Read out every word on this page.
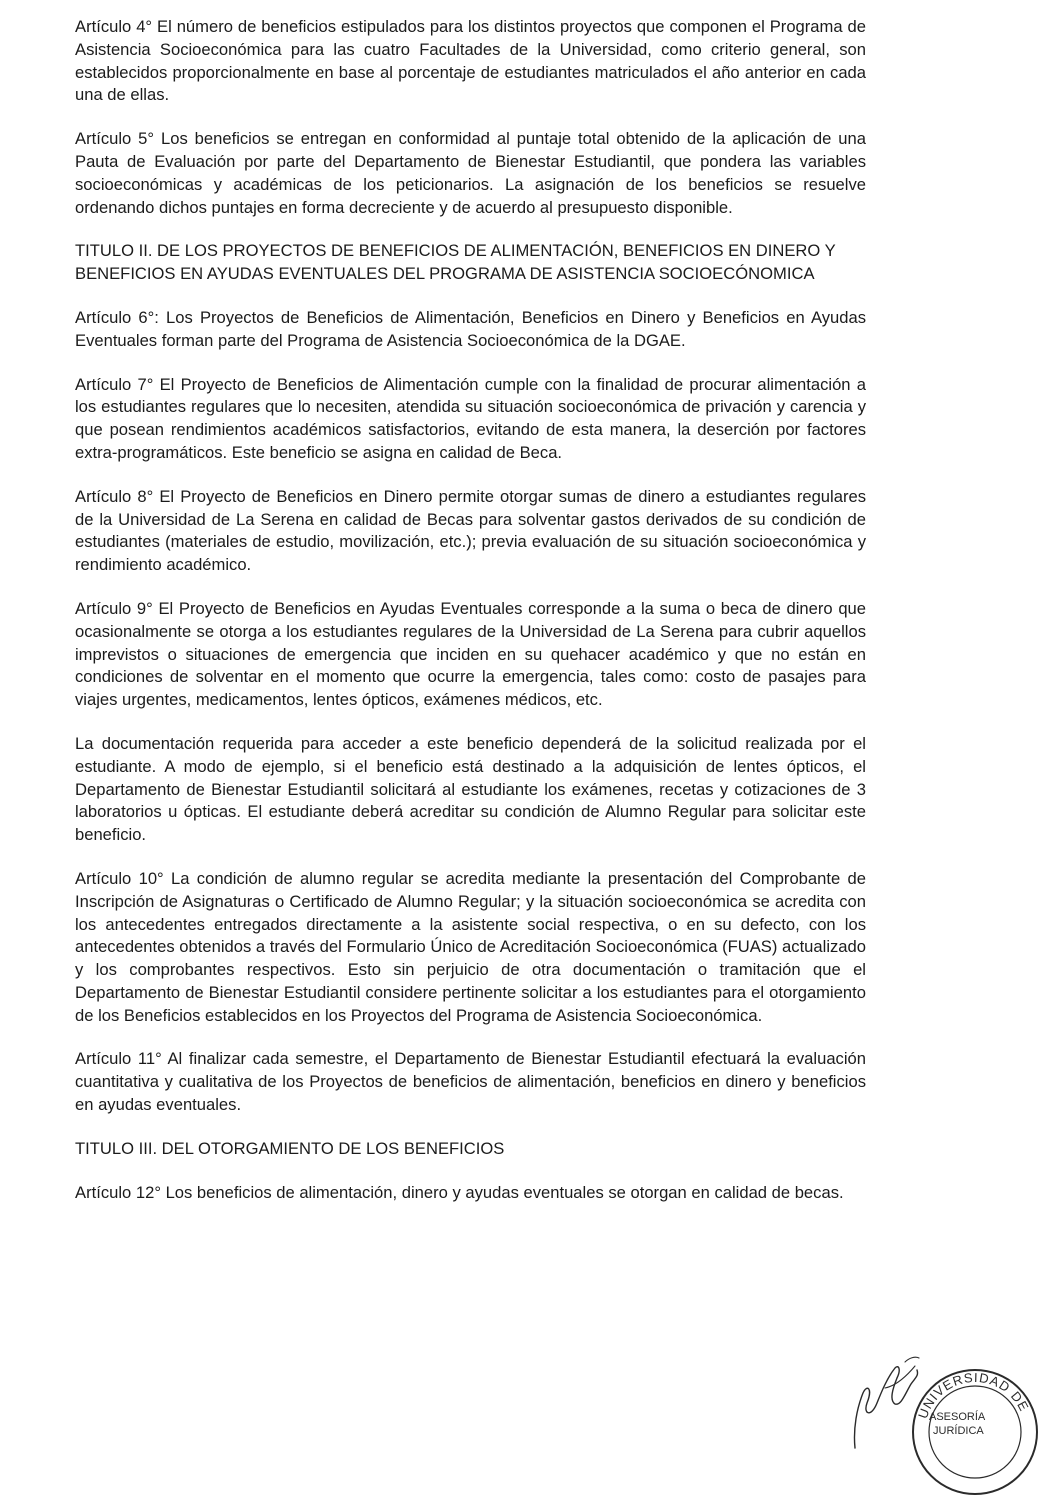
Artículo 4° El número de beneficios estipulados para los distintos proyectos que componen el Programa de Asistencia Socioeconómica para las cuatro Facultades de la Universidad, como criterio general, son establecidos proporcionalmente en base al porcentaje de estudiantes matriculados el año anterior en cada una de ellas.

Artículo 5° Los beneficios se entregan en conformidad al puntaje total obtenido de la aplicación de una Pauta de Evaluación por parte del Departamento de Bienestar Estudiantil, que pondera las variables socioeconómicas y académicas de los peticionarios. La asignación de los beneficios se resuelve ordenando dichos puntajes en forma decreciente y de acuerdo al presupuesto disponible.

TITULO II. DE LOS PROYECTOS DE BENEFICIOS DE ALIMENTACIÓN, BENEFICIOS EN DINERO Y BENEFICIOS EN AYUDAS EVENTUALES DEL PROGRAMA DE ASISTENCIA SOCIOECÓNOMICA

Artículo 6°: Los Proyectos de Beneficios de Alimentación, Beneficios en Dinero y Beneficios en Ayudas Eventuales forman parte del Programa de Asistencia Socioeconómica de la DGAE.

Artículo 7° El Proyecto de Beneficios de Alimentación cumple con la finalidad de procurar alimentación a los estudiantes regulares que lo necesiten, atendida su situación socioeconómica de privación y carencia y que posean rendimientos académicos satisfactorios, evitando de esta manera, la deserción por factores extra-programáticos. Este beneficio se asigna en calidad de Beca.

Artículo 8° El Proyecto de Beneficios en Dinero permite otorgar sumas de dinero a estudiantes regulares de la Universidad de La Serena en calidad de Becas para solventar gastos derivados de su condición de estudiantes (materiales de estudio, movilización, etc.); previa evaluación de su situación socioeconómica y rendimiento académico.

Artículo 9° El Proyecto de Beneficios en Ayudas Eventuales corresponde a la suma o beca de dinero que ocasionalmente se otorga a los estudiantes regulares de la Universidad de La Serena para cubrir aquellos imprevistos o situaciones de emergencia que inciden en su quehacer académico y que no están en condiciones de solventar en el momento que ocurre la emergencia, tales como: costo de pasajes para viajes urgentes, medicamentos, lentes ópticos, exámenes médicos, etc.

La documentación requerida para acceder a este beneficio dependerá de la solicitud realizada por el estudiante. A modo de ejemplo, si el beneficio está destinado a la adquisición de lentes ópticos, el Departamento de Bienestar Estudiantil solicitará al estudiante los exámenes, recetas y cotizaciones de 3 laboratorios u ópticas. El estudiante deberá acreditar su condición de Alumno Regular para solicitar este beneficio.

Artículo 10° La condición de alumno regular se acredita mediante la presentación del Comprobante de Inscripción de Asignaturas o Certificado de Alumno Regular; y la situación socioeconómica se acredita con los antecedentes entregados directamente a la asistente social respectiva, o en su defecto, con los antecedentes obtenidos a través del Formulario Único de Acreditación Socioeconómica (FUAS) actualizado y los comprobantes respectivos. Esto sin perjuicio de otra documentación o tramitación que el Departamento de Bienestar Estudiantil considere pertinente solicitar a los estudiantes para el otorgamiento de los Beneficios establecidos en los Proyectos del Programa de Asistencia Socioeconómica.

Artículo 11° Al finalizar cada semestre, el Departamento de Bienestar Estudiantil efectuará la evaluación cuantitativa y cualitativa de los Proyectos de beneficios de alimentación, beneficios en dinero y beneficios en ayudas eventuales.

TITULO III. DEL OTORGAMIENTO DE LOS BENEFICIOS

Artículo 12° Los beneficios de alimentación, dinero y ayudas eventuales se otorgan en calidad de becas.

UNIVERSIDAD DE
ASESORÍA
JURÍDICA
